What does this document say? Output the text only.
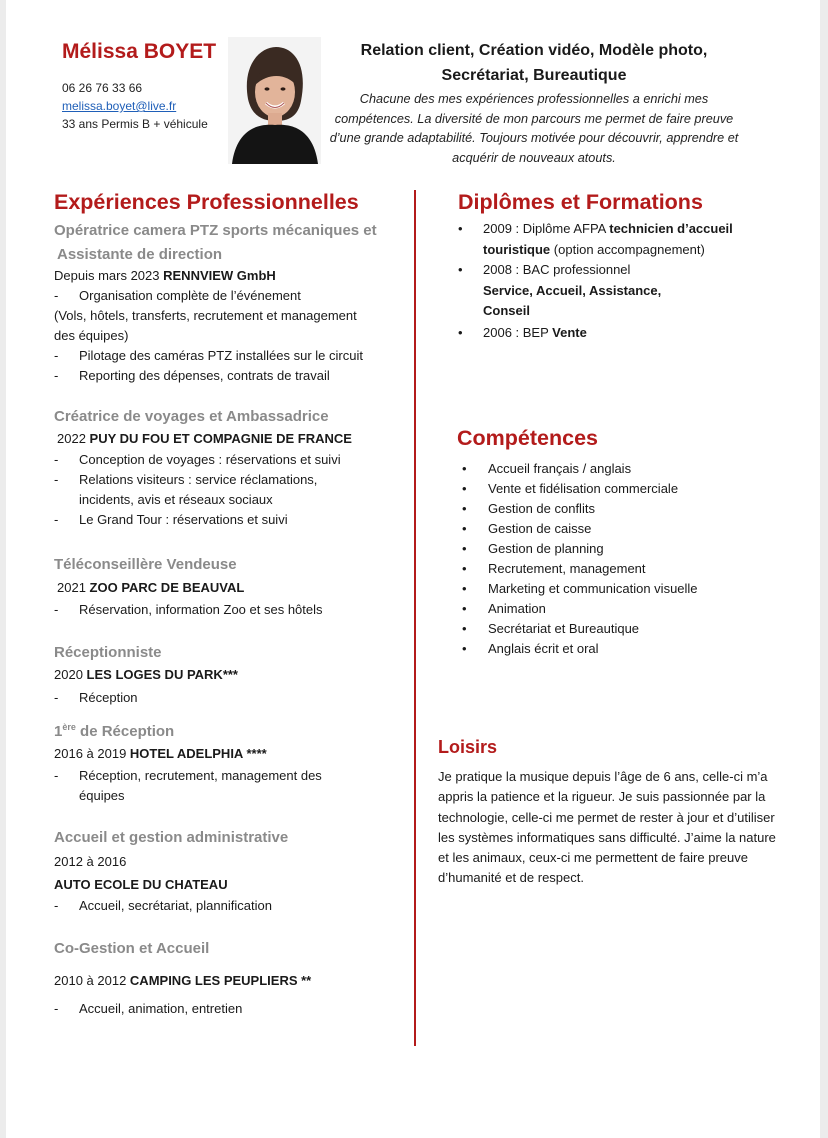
Mélissa BOYET
06 26 76 33 66
melissa.boyet@live.fr
33 ans Permis B + véhicule
Relation client, Création vidéo, Modèle photo,
Secrétariat, Bureautique
Chacune des mes expériences professionnelles a enrichi mes compétences. La diversité de mon parcours me permet de faire preuve d’une grande adaptabilité. Toujours motivée pour découvrir, apprendre et acquérir de nouveaux atouts.
Expériences Professionnelles
Opératrice camera PTZ sports mécaniques et
Assistante de direction
Depuis mars 2023 RENNVIEW GmbH
- Organisation complète de l’événement
(Vols, hôtels, transferts, recrutement et management
des équipes)
- Pilotage des caméras PTZ installées sur le circuit
- Reporting des dépenses, contrats de travail
Créatrice de voyages et Ambassadrice
2022 PUY DU FOU ET COMPAGNIE DE FRANCE
- Conception de voyages : réservations et suivi
- Relations visiteurs : service réclamations,
incidents, avis et réseaux sociaux
- Le Grand Tour : réservations et suivi
Téléconseillère Vendeuse
2021 ZOO PARC DE BEAUVAL
- Réservation, information Zoo et ses hôtels
Réceptionniste
2020 LES LOGES DU PARK***
- Réception
1ère de Réception
2016 à 2019 HOTEL ADELPHIA ****
- Réception, recrutement, management des
équipes
Accueil et gestion administrative
2012 à 2016
AUTO ECOLE DU CHATEAU
- Accueil, secrétariat, plannification
Co-Gestion et Accueil
2010 à 2012 CAMPING LES PEUPLIERS **
- Accueil, animation, entretien
Diplômes et Formations
• 2009 : Diplôme AFPA technicien d’accueil
touristique (option accompagnement)
• 2008 : BAC professionnel
Service, Accueil, Assistance,
Conseil
• 2006 : BEP Vente
Compétences
• Accueil français / anglais
• Vente et fidélisation commerciale
• Gestion de conflits
• Gestion de caisse
• Gestion de planning
• Recrutement, management
• Marketing et communication visuelle
• Animation
• Secrétariat et Bureautique
• Anglais écrit et oral
Loisirs
Je pratique la musique depuis l’âge de 6 ans, celle-ci m’a appris la patience et la rigueur. Je suis passionnée par la technologie, celle-ci me permet de rester à jour et d’utiliser les systèmes informatiques sans difficulté. J’aime la nature et les animaux, ceux-ci me permettent de faire preuve d’humanité et de respect.
